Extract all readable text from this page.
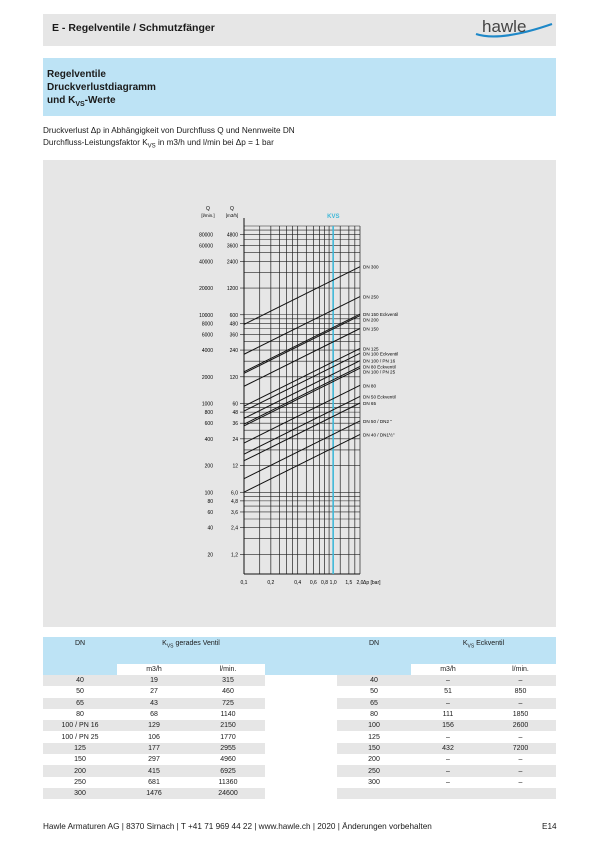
E - Regelventile / Schmutzfänger	hawle
Regelventile
Druckverlustdiagramm
und $K_{VS}$-Werte
Druckverlust Δp in Abhängigkeit von Durchfluss Q und Nennweite DN
Durchfluss-Leistungsfaktor $K_{VS}$ in m3/h und l/min bei Δp = 1 bar
KVS
20	1,2
40	2,4
60	3,6
80	4,8
100	6,0
200	12
400	24
600	36
800	48
1000	60
2000	120
4000	240
6000	360
8000	480
10000	600
20000	1200
40000	2400
60000	3600
80000	4800
Q
[l/min.]
Q
[m3/h]
0,1	0,2	0,4 0,6 0,8 1,0 1,5 2,0 Δp [bar]
DN 300
DN 250
DN 150 Eckventil
DN 200
DN 150
DN 125
DN 100 Eckventil
DN 100 / PN 16
DN 80 Eckventil
DN 100 / PN 25
DN 80
DN 50 Eckventil
DN 65
DN 50 / DN2 "
DN 40 / DN1½"
DN	$K_{VS}$ gerades Ventil			DN	$K_{VS}$ Eckventil	
	m3/h	l/min.			m3/h	l/min.
40	19	315		40	–	–
50	27	460		50	51	850
65	43	725		65	–	–
80	68	1140		80	111	1850
100 / PN 16	129	2150		100	156	2600
100 / PN 25	106	1770		125	–	–
125	177	2955		150	432	7200
150	297	4960		200	–	–
200	415	6925		250	–	–
250	681	11360		300	–	–
300	1476	24600				
Hawle Armaturen AG | 8370 Sirnach | T +41 71 969 44 22 | www.hawle.ch | 2020 | Änderungen vorbehalten	E14
